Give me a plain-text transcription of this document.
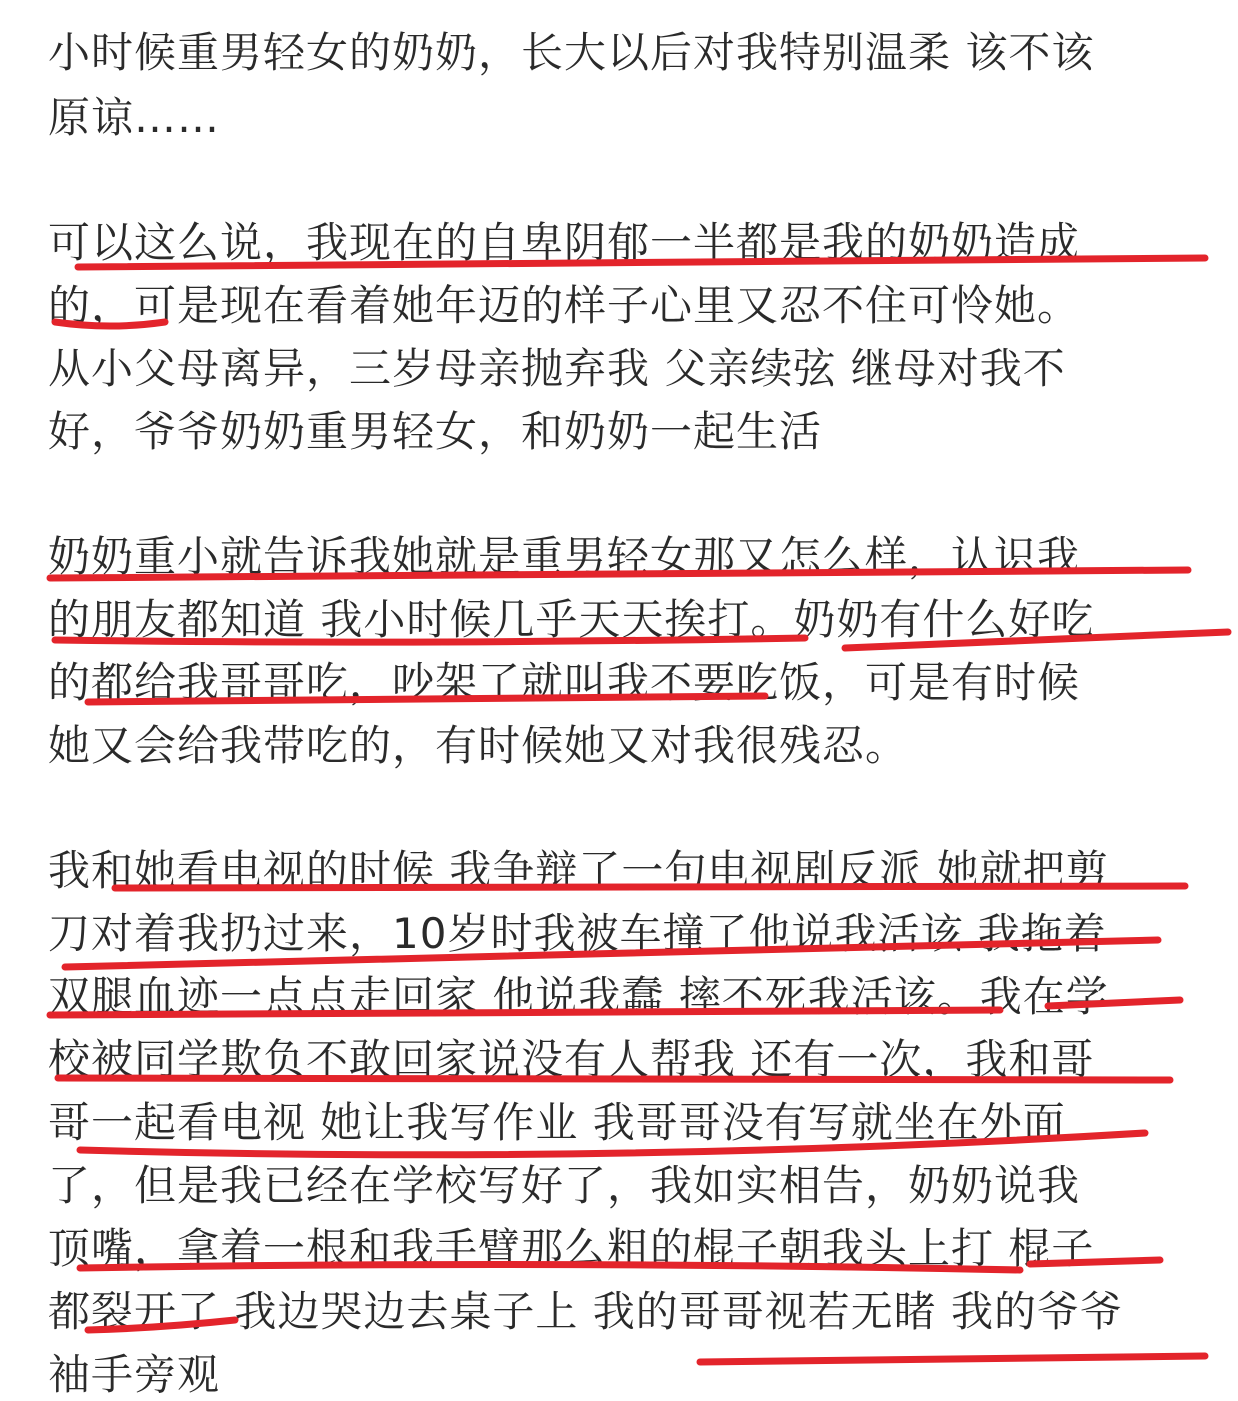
小时候重男轻女的奶奶，长大以后对我特别温柔 该不该
原谅……
可以这么说，我现在的自卑阴郁一半都是我的奶奶造成
的，可是现在看着她年迈的样子心里又忍不住可怜她。
从小父母离异，三岁母亲抛弃我 父亲续弦 继母对我不
好，爷爷奶奶重男轻女，和奶奶一起生活
奶奶重小就告诉我她就是重男轻女那又怎么样，认识我
的朋友都知道 我小时候几乎天天挨打。奶奶有什么好吃
的都给我哥哥吃，吵架了就叫我不要吃饭，可是有时候
她又会给我带吃的，有时候她又对我很残忍。
我和她看电视的时候 我争辩了一句电视剧反派 她就把剪
刀对着我扔过来，10岁时我被车撞了他说我活该 我拖着
双腿血迹一点点走回家 他说我蠢 摔不死我活该。我在学
校被同学欺负不敢回家说没有人帮我 还有一次，我和哥
哥一起看电视 她让我写作业 我哥哥没有写就坐在外面
了，但是我已经在学校写好了，我如实相告，奶奶说我
顶嘴，拿着一根和我手臂那么粗的棍子朝我头上打 棍子
都裂开了 我边哭边去桌子上 我的哥哥视若无睹 我的爷爷
袖手旁观
